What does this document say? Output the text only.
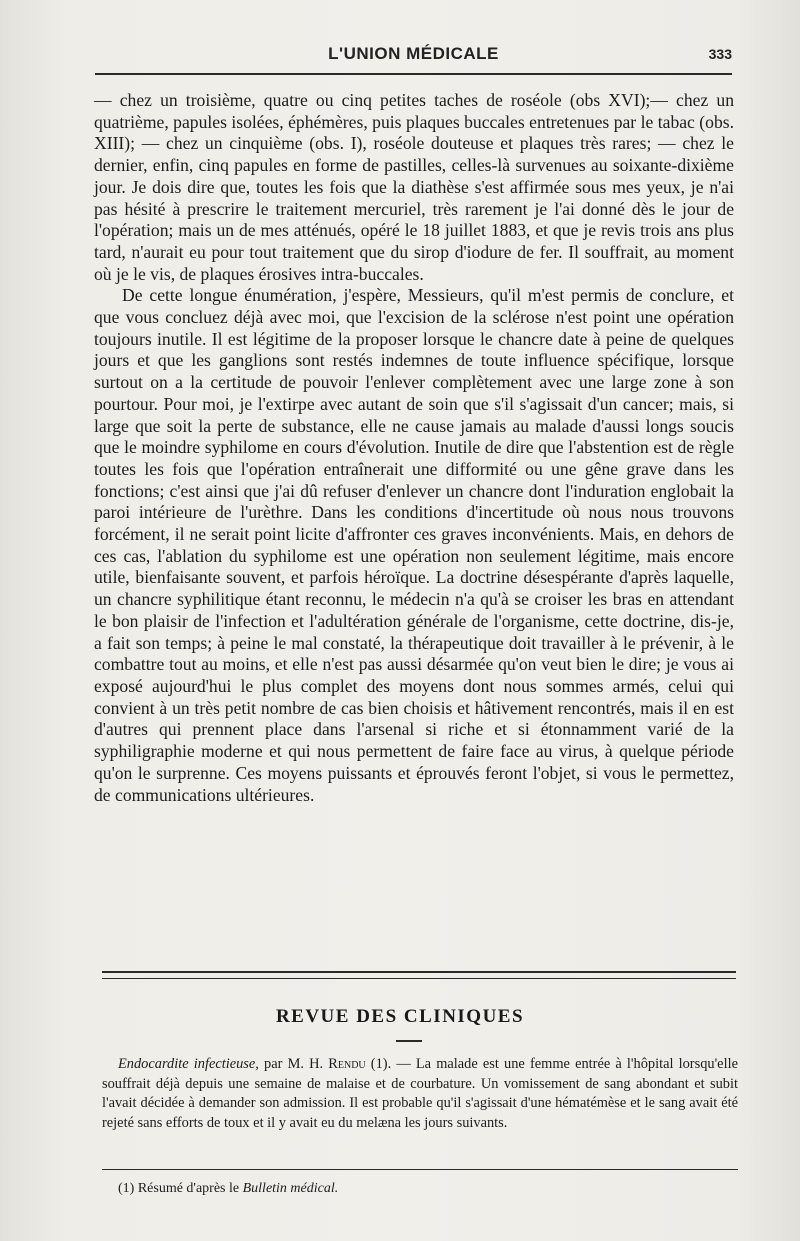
L'UNION MÉDICALE	333

— chez un troisième, quatre ou cinq petites taches de roséole (obs XVI);— chez un quatrième, papules isolées, éphémères, puis plaques buccales entretenues par le tabac (obs. XIII); — chez un cinquième (obs. I), roséole douteuse et plaques très rares; — chez le dernier, enfin, cinq papules en forme de pastilles, celles-là survenues au soixante-dixième jour. Je dois dire que, toutes les fois que la diathèse s'est affirmée sous mes yeux, je n'ai pas hésité à prescrire le traitement mercuriel, très rarement je l'ai donné dès le jour de l'opération; mais un de mes atténués, opéré le 18 juillet 1883, et que je revis trois ans plus tard, n'aurait eu pour tout traitement que du sirop d'iodure de fer. Il souffrait, au moment où je le vis, de plaques érosives intra-buccales.

De cette longue énumération, j'espère, Messieurs, qu'il m'est permis de conclure, et que vous concluez déjà avec moi, que l'excision de la sclérose n'est point une opération toujours inutile. Il est légitime de la proposer lorsque le chancre date à peine de quelques jours et que les ganglions sont restés indemnes de toute influence spécifique, lorsque surtout on a la certitude de pouvoir l'enlever complètement avec une large zone à son pourtour. Pour moi, je l'extirpe avec autant de soin que s'il s'agissait d'un cancer; mais, si large que soit la perte de substance, elle ne cause jamais au malade d'aussi longs soucis que le moindre syphilome en cours d'évolution. Inutile de dire que l'abstention est de règle toutes les fois que l'opération entraînerait une difformité ou une gêne grave dans les fonctions; c'est ainsi que j'ai dû refuser d'enlever un chancre dont l'induration englobait la paroi intérieure de l'urèthre. Dans les conditions d'incertitude où nous nous trouvons forcément, il ne serait point licite d'affronter ces graves inconvénients. Mais, en dehors de ces cas, l'ablation du syphilome est une opération non seulement légitime, mais encore utile, bienfaisante souvent, et parfois héroïque. La doctrine désespérante d'après laquelle, un chancre syphilitique étant reconnu, le médecin n'a qu'à se croiser les bras en attendant le bon plaisir de l'infection et l'adultération générale de l'organisme, cette doctrine, dis-je, a fait son temps; à peine le mal constaté, la thérapeutique doit travailler à le prévenir, à le combattre tout au moins, et elle n'est pas aussi désarmée qu'on veut bien le dire; je vous ai exposé aujourd'hui le plus complet des moyens dont nous sommes armés, celui qui convient à un très petit nombre de cas bien choisis et hâtivement rencontrés, mais il en est d'autres qui prennent place dans l'arsenal si riche et si étonnamment varié de la syphiligraphie moderne et qui nous permettent de faire face au virus, à quelque période qu'on le surprenne. Ces moyens puissants et éprouvés feront l'objet, si vous le permettez, de communications ultérieures.

REVUE DES CLINIQUES

Endocardite infectieuse, par M. H. Rendu (1). — La malade est une femme entrée à l'hôpital lorsqu'elle souffrait déjà depuis une semaine de malaise et de courbature. Un vomissement de sang abondant et subit l'avait décidée à demander son admission. Il est probable qu'il s'agissait d'une hématémèse et le sang avait été rejeté sans efforts de toux et il y avait eu du melæna les jours suivants.

(1) Résumé d'après le Bulletin médical.
